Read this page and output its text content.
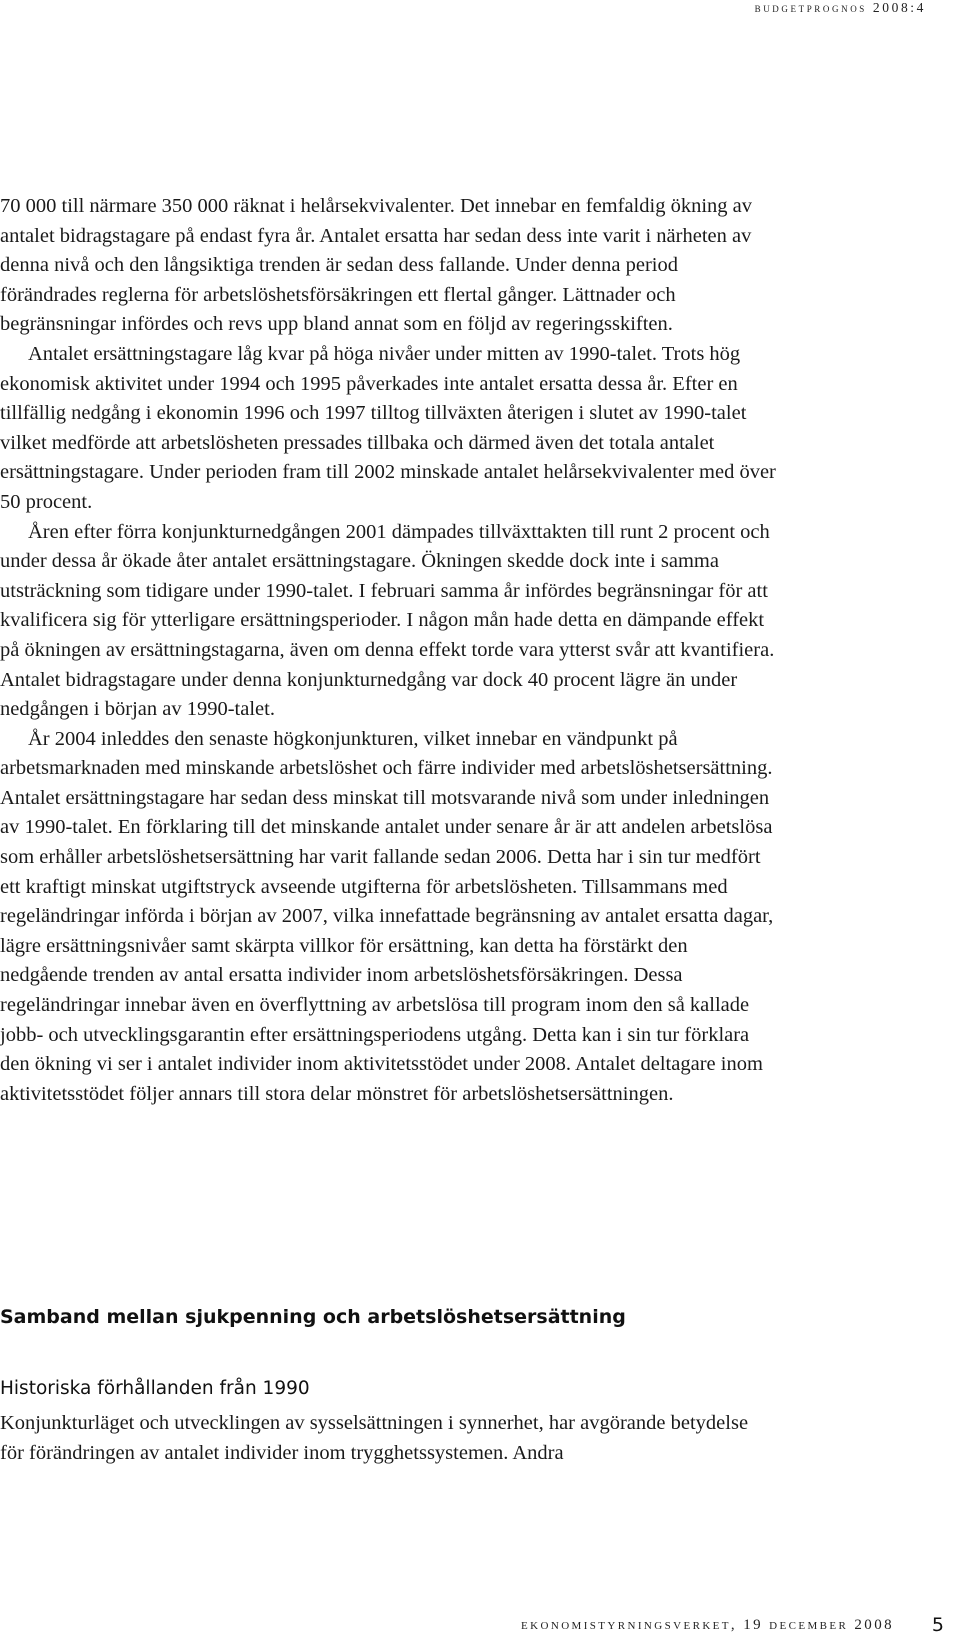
budgetprognos 2008:4

70 000 till närmare 350 000 räknat i helårsekvivalenter. Det innebar en femfaldig ökning av antalet bidragstagare på endast fyra år. Antalet ersatta har sedan dess inte varit i närheten av denna nivå och den långsiktiga trenden är sedan dess fallande. Under denna period förändrades reglerna för arbetslöshetsförsäkringen ett flertal gånger. Lättnader och begränsningar infördes och revs upp bland annat som en följd av regeringsskiften.

Antalet ersättningstagare låg kvar på höga nivåer under mitten av 1990-talet. Trots hög ekonomisk aktivitet under 1994 och 1995 påverkades inte antalet ersatta dessa år. Efter en tillfällig nedgång i ekonomin 1996 och 1997 tilltog tillväxten återigen i slutet av 1990-talet vilket medförde att arbetslösheten pressades tillbaka och därmed även det totala antalet ersättningstagare. Under perioden fram till 2002 minskade antalet helårsekvivalenter med över 50 procent.

Åren efter förra konjunkturnedgången 2001 dämpades tillväxttakten till runt 2 procent och under dessa år ökade åter antalet ersättningstagare. Ökningen skedde dock inte i samma utsträckning som tidigare under 1990-talet. I februari samma år infördes begränsningar för att kvalificera sig för ytterligare ersättningsperioder. I någon mån hade detta en dämpande effekt på ökningen av ersättningstagarna, även om denna effekt torde vara ytterst svår att kvantifiera. Antalet bidragstagare under denna konjunkturnedgång var dock 40 procent lägre än under nedgången i början av 1990-talet.

År 2004 inleddes den senaste högkonjunkturen, vilket innebar en vändpunkt på arbetsmarknaden med minskande arbetslöshet och färre individer med arbetslöshetsersättning. Antalet ersättningstagare har sedan dess minskat till motsvarande nivå som under inledningen av 1990-talet. En förklaring till det minskande antalet under senare år är att andelen arbetslösa som erhåller arbetslöshetsersättning har varit fallande sedan 2006. Detta har i sin tur medfört ett kraftigt minskat utgiftstryck avseende utgifterna för arbetslösheten. Tillsammans med regeländringar införda i början av 2007, vilka innefattade begränsning av antalet ersatta dagar, lägre ersättningsnivåer samt skärpta villkor för ersättning, kan detta ha förstärkt den nedgående trenden av antal ersatta individer inom arbetslöshetsförsäkringen. Dessa regeländringar innebar även en överflyttning av arbetslösa till program inom den så kallade jobb- och utvecklingsgarantin efter ersättningsperiodens utgång. Detta kan i sin tur förklara den ökning vi ser i antalet individer inom aktivitetsstödet under 2008. Antalet deltagare inom aktivitetsstödet följer annars till stora delar mönstret för arbetslöshetsersättningen.

Samband mellan sjukpenning och arbetslöshetsersättning
Historiska förhållanden från 1990

Konjunkturläget och utvecklingen av sysselsättningen i synnerhet, har avgörande betydelse för förändringen av antalet individer inom trygghetssystemen. Andra

ekonomistyrningsverket, 19 december 2008 5
